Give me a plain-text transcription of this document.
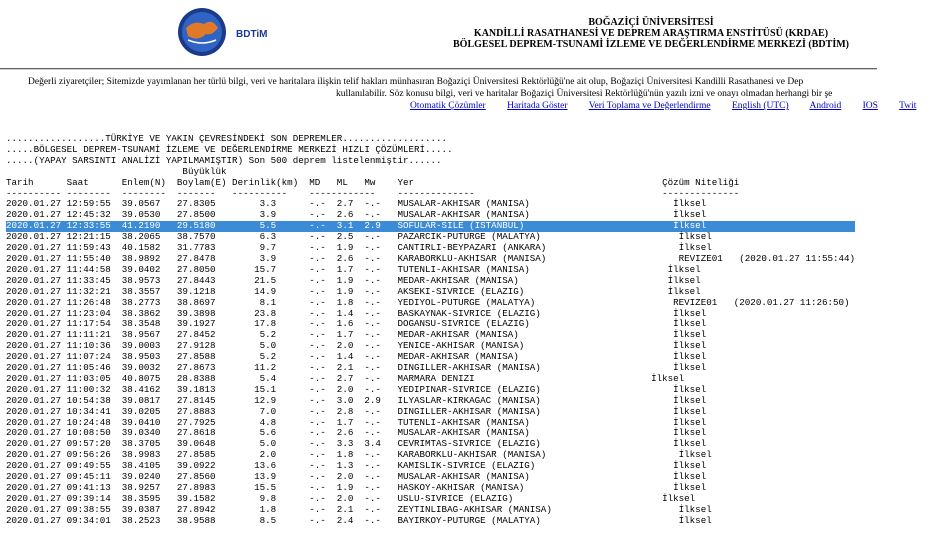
BDTiM
BOĞAZİÇİ ÜNİVERSİTESİ
KANDİLLİ RASATHANESİ VE DEPREM ARAŞTIRMA ENSTİTÜSÜ (KRDAE)
BÖLGESEL DEPREM-TSUNAMİ İZLEME VE DEĞERLENDİRME MERKEZİ (BDTİM)
Değerli ziyaretçiler; Sitemizde yayımlanan her türlü bilgi, veri ve haritalara ilişkin telif hakları münhasıran Boğaziçi Üniversitesi Rektörlüğü'ne ait olup, Boğaziçi Üniversitesi Kandilli Rasathanesi ve Dep
kullanılabilir. Söz konusu bilgi, veri ve haritalar Boğaziçi Üniversitesi Rektörlüğü'nün yazılı izni ve onayı olmadan herhangi bir şe
Otomatik Çözümler Haritada Göster Veri Toplama ve Değerlendirme English (UTC) Android IOS Twit
..................TÜRKİYE VE YAKIN ÇEVRESİNDEKİ SON DEPREMLER...................
.....BÖLGESEL DEPREM-TSUNAMİ İZLEME VE DEĞERLENDİRME MERKEZİ HIZLI ÇÖZÜMLERİ.....
.....(YAPAY SARSINTI ANALİZİ YAPILMAMIŞTIR) Son 500 deprem listelenmiştir......
Büyüklük
Tarih      Saat      Enlem(N)  Boylam(E) Derinlik(km)  MD   ML   Mw    Yer                                             Çözüm Niteliği
---------- --------  --------  -------   ----------    ------------    --------------                                  --------------
2020.01.27 12:59:55  39.0567   27.8305        3.3      -.-  2.7  -.-   MUSALAR-AKHISAR (MANISA)                          İlksel
2020.01.27 12:45:32  39.0530   27.8500        3.9      -.-  2.6  -.-   MUSALAR-AKHISAR (MANISA)                          İlksel
2020.01.27 12:33:55  41.2190   29.5180        5.5      -.-  3.1  2.9   SOFULAR-SILE (ISTANBUL)                           İlksel
2020.01.27 12:21:15  38.2065   38.7570        6.3      -.-  2.5  -.-   PAZARCIK-PUTURGE (MALATYA)                         İlksel
2020.01.27 11:59:43  40.1582   31.7783        9.7      -.-  1.9  -.-   CANTIRLI-BEYPAZARI (ANKARA)                        İlksel
2020.01.27 11:55:40  38.9892   27.8478        3.9      -.-  2.6  -.-   KARABORKLU-AKHISAR (MANISA)                        REVIZE01   (2020.01.27 11:55:44)
2020.01.27 11:44:58  39.0402   27.8050       15.7      -.-  1.7  -.-   TUTENLI-AKHISAR (MANISA)                         İlksel
2020.01.27 11:33:45  38.9573   27.8443       21.5      -.-  1.9  -.-   MEDAR-AKHISAR (MANISA)                           İlksel
2020.01.27 11:32:21  38.3557   39.1218       14.9      -.-  1.9  -.-   AKSEKI-SIVRICE (ELAZIG)                          İlksel
2020.01.27 11:26:48  38.2773   38.8697        8.1      -.-  1.8  -.-   YEDIYOL-PUTURGE (MALATYA)                         REVIZE01   (2020.01.27 11:26:50)
2020.01.27 11:23:04  38.3862   39.3898       23.8      -.-  1.4  -.-   BASKAYNAK-SIVRICE (ELAZIG)                        İlksel
2020.01.27 11:17:54  38.3548   39.1927       17.8      -.-  1.6  -.-   DOGANSU-SIVRICE (ELAZIG)                          İlksel
2020.01.27 11:11:21  38.9567   27.8452        5.2      -.-  1.7  -.-   MEDAR-AKHISAR (MANISA)                            İlksel
2020.01.27 11:10:36  39.0003   27.9128        5.0      -.-  2.0  -.-   YENICE-AKHISAR (MANISA)                           İlksel
2020.01.27 11:07:24  38.9503   27.8588        5.2      -.-  1.4  -.-   MEDAR-AKHISAR (MANISA)                            İlksel
2020.01.27 11:05:46  39.0032   27.8673       11.2      -.-  2.1  -.-   DINGILLER-AKHISAR (MANISA)                        İlksel
2020.01.27 11:03:05  40.8075   28.8388        5.4      -.-  2.7  -.-   MARMARA DENIZI                                İlksel
2020.01.27 11:00:32  38.4162   39.1813       15.1      -.-  2.0  -.-   YEDIPINAR-SIVRICE (ELAZIG)                        İlksel
2020.01.27 10:54:38  39.0817   27.8145       12.9      -.-  3.0  2.9   ILYASLAR-KIRKAGAC (MANISA)                        İlksel
2020.01.27 10:34:41  39.0205   27.8883        7.0      -.-  2.8  -.-   DINGILLER-AKHISAR (MANISA)                        İlksel
2020.01.27 10:24:48  39.0410   27.7925        4.8      -.-  1.7  -.-   TUTENLI-AKHISAR (MANISA)                          İlksel
2020.01.27 10:08:50  39.0340   27.8618        5.6      -.-  2.6  -.-   MUSALAR-AKHISAR (MANISA)                          İlksel
2020.01.27 09:57:20  38.3705   39.0648        5.0      -.-  3.3  3.4   CEVRIMTAS-SIVRICE (ELAZIG)                        İlksel
2020.01.27 09:56:26  38.9983   27.8585        2.0      -.-  1.8  -.-   KARABORKLU-AKHISAR (MANISA)                        İlksel
2020.01.27 09:49:55  38.4105   39.0922       13.6      -.-  1.3  -.-   KAMISLIK-SIVRICE (ELAZIG)                         İlksel
2020.01.27 09:45:11  39.0240   27.8560       13.9      -.-  2.0  -.-   MUSALAR-AKHISAR (MANISA)                          İlksel
2020.01.27 09:41:13  38.9257   27.8983       15.5      -.-  1.9  -.-   HASKOY-AKHISAR (MANISA)                           İlksel
2020.01.27 09:39:14  38.3595   39.1582        9.8      -.-  2.0  -.-   USLU-SIVRICE (ELAZIG)                           İlksel
2020.01.27 09:38:55  39.0387   27.8942        1.8      -.-  2.1  -.-   ZEYTINLIBAG-AKHISAR (MANISA)                       İlksel
2020.01.27 09:34:01  38.2523   38.9588        8.5      -.-  2.4  -.-   BAYIRKOY-PUTURGE (MALATYA)                         İlksel
